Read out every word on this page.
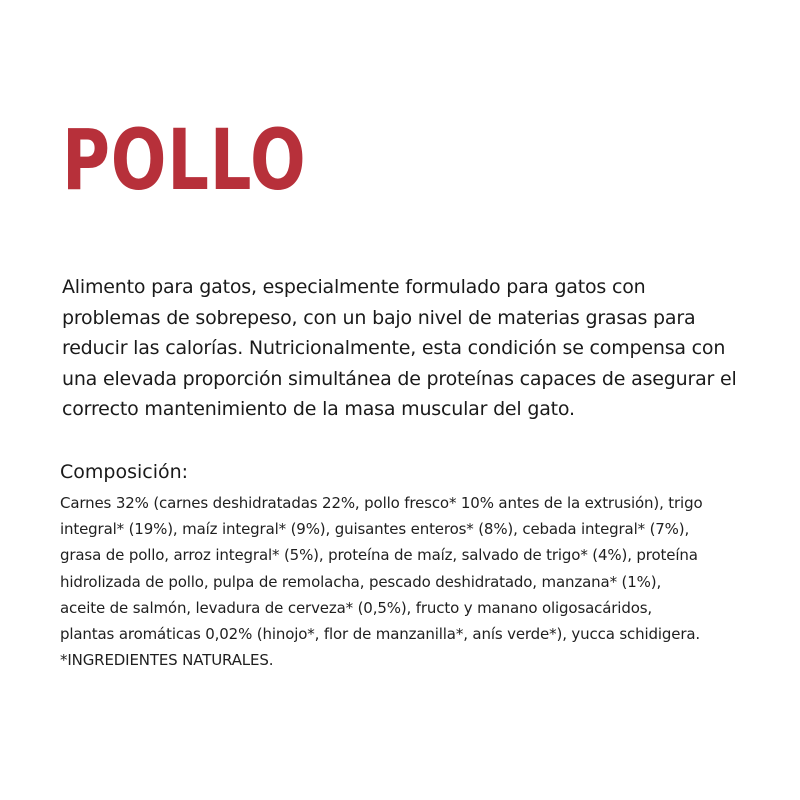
POLLO

Alimento para gatos, especialmente formulado para gatos con problemas de sobrepeso, con un bajo nivel de materias grasas para reducir las calorías. Nutricionalmente, esta condición se compensa con una elevada proporción simultánea de proteínas capaces de asegurar el correcto mantenimiento de la masa muscular del gato.

Composición:
Carnes 32% (carnes deshidratadas 22%, pollo fresco* 10% antes de la extrusión), trigo
integral* (19%), maíz integral* (9%), guisantes enteros* (8%), cebada integral* (7%),
grasa de pollo, arroz integral* (5%), proteína de maíz, salvado de trigo* (4%), proteína
hidrolizada de pollo, pulpa de remolacha, pescado deshidratado, manzana* (1%),
aceite de salmón, levadura de cerveza* (0,5%), fructo y manano oligosacáridos,
plantas aromáticas 0,02% (hinojo*, flor de manzanilla*, anís verde*), yucca schidigera.
*INGREDIENTES NATURALES.
